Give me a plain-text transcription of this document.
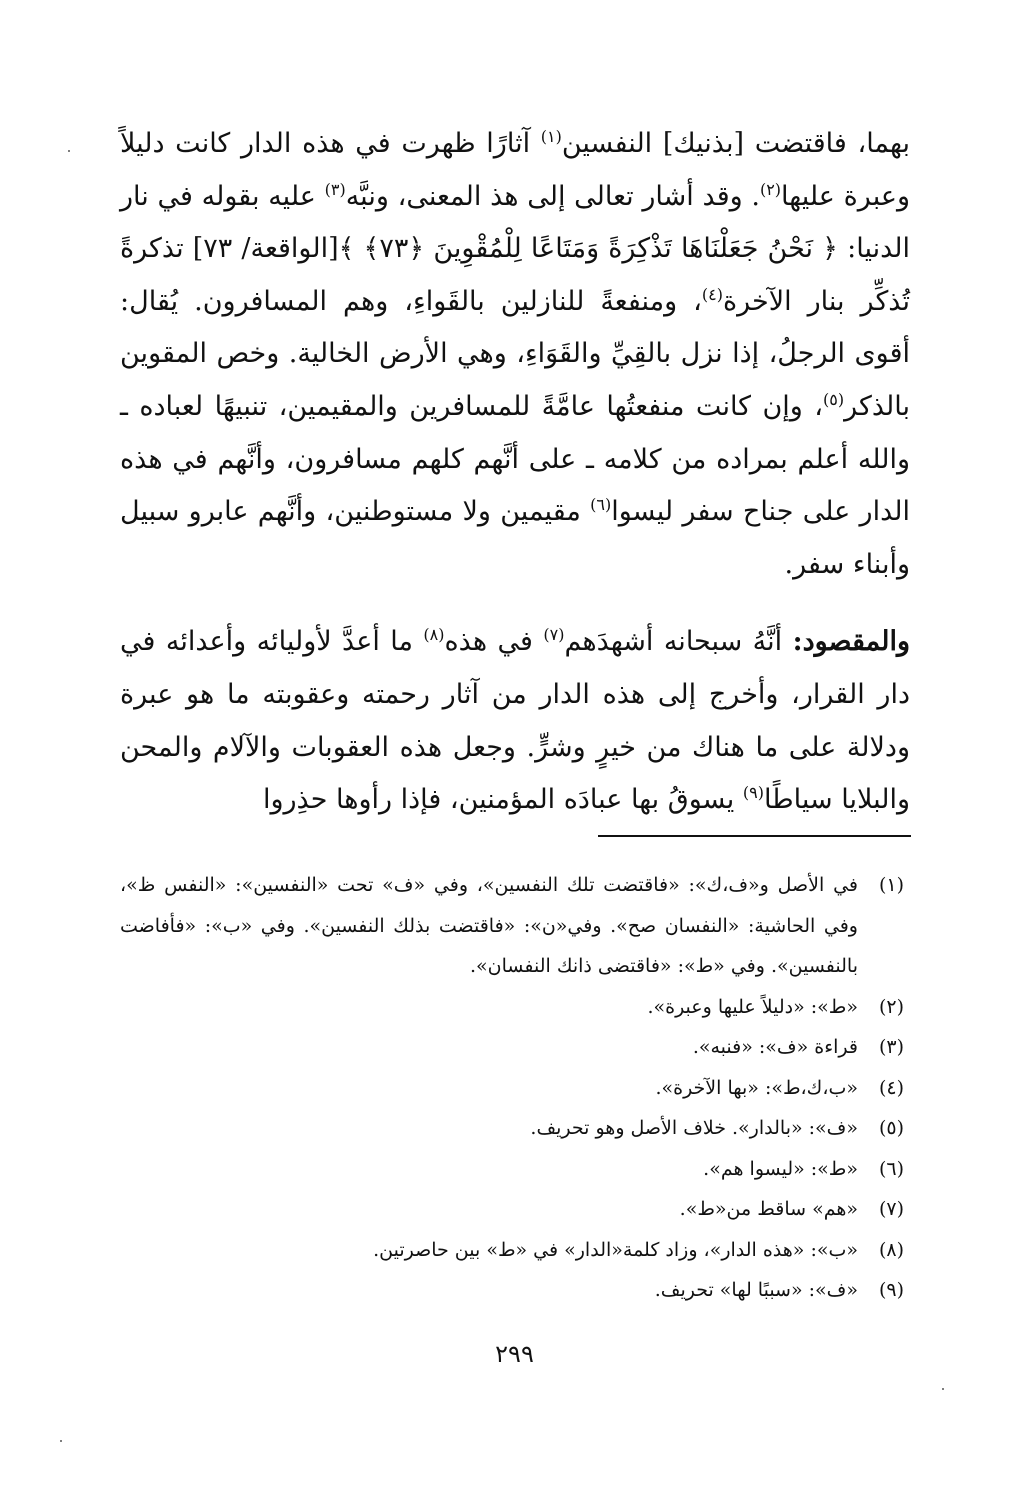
بهما، فاقتضت [بذنيك] النفسين$^{(١)}$ آثارًا ظهرت في هذه الدار كانت دليلاً وعبرة عليها$^{(٢)}$. وقد أشار تعالى إلى هذ المعنى، ونبَّه$^{(٣)}$ عليه بقوله في نار الدنيا: ﴿ نَحْنُ جَعَلْنَاهَا تَذْكِرَةً وَمَتَاعًا لِلْمُقْوِينَ ﴿٧٣﴾ ﴾[الواقعة/ ٧٣] تذكرةً تُذكِّر بنار الآخرة$^{(٤)}$، ومنفعةً للنازلين بالقَواءِ، وهم المسافرون. يُقال: أقوى الرجلُ، إذا نزل بالقِيِّ والقَوَاءِ، وهي الأرض الخالية. وخص المقوين بالذكر$^{(٥)}$، وإن كانت منفعتُها عامَّةً للمسافرين والمقيمين، تنبيهًا لعباده ـ والله أعلم بمراده من كلامه ـ على أنَّهم كلهم مسافرون، وأنَّهم في هذه الدار على جناح سفر ليسوا$^{(٦)}$ مقيمين ولا مستوطنين، وأنَّهم عابرو سبيل وأبناء سفر.

والمقصود: أنَّهُ سبحانه أشهدَهم$^{(٧)}$ في هذه$^{(٨)}$ ما أعدَّ لأوليائه وأعدائه في دار القرار، وأخرج إلى هذه الدار من آثار رحمته وعقوبته ما هو عبرة ودلالة على ما هناك من خيرٍ وشرٍّ. وجعل هذه العقوبات والآلام والمحن والبلايا سياطًا$^{(٩)}$ يسوقُ بها عبادَه المؤمنين، فإذا رأوها حذِروا

(١)
في الأصل و«ف،ك»: «فاقتضت تلك النفسين»، وفي «ف» تحت «النفسين»: «النفس ظ»، وفي الحاشية: «النفسان صح». وفي«ن»: «فاقتضت بذلك النفسين». وفي «ب»: «فأفاضت بالنفسين». وفي «ط»: «فاقتضى ذانك النفسان».
(٢)
«ط»: «دليلاً عليها وعبرة».
(٣)
قراءة «ف»: «فنبه».
(٤)
«ب،ك،ط»: «بها الآخرة».
(٥)
«ف»: «بالدار». خلاف الأصل وهو تحريف.
(٦)
«ط»: «ليسوا هم».
(٧)
«هم» ساقط من«ط».
(٨)
«ب»: «هذه الدار»، وزاد كلمة«الدار» في «ط» بين حاصرتين.
(٩)
«ف»: «سببًا لها» تحريف.
٢٩٩
